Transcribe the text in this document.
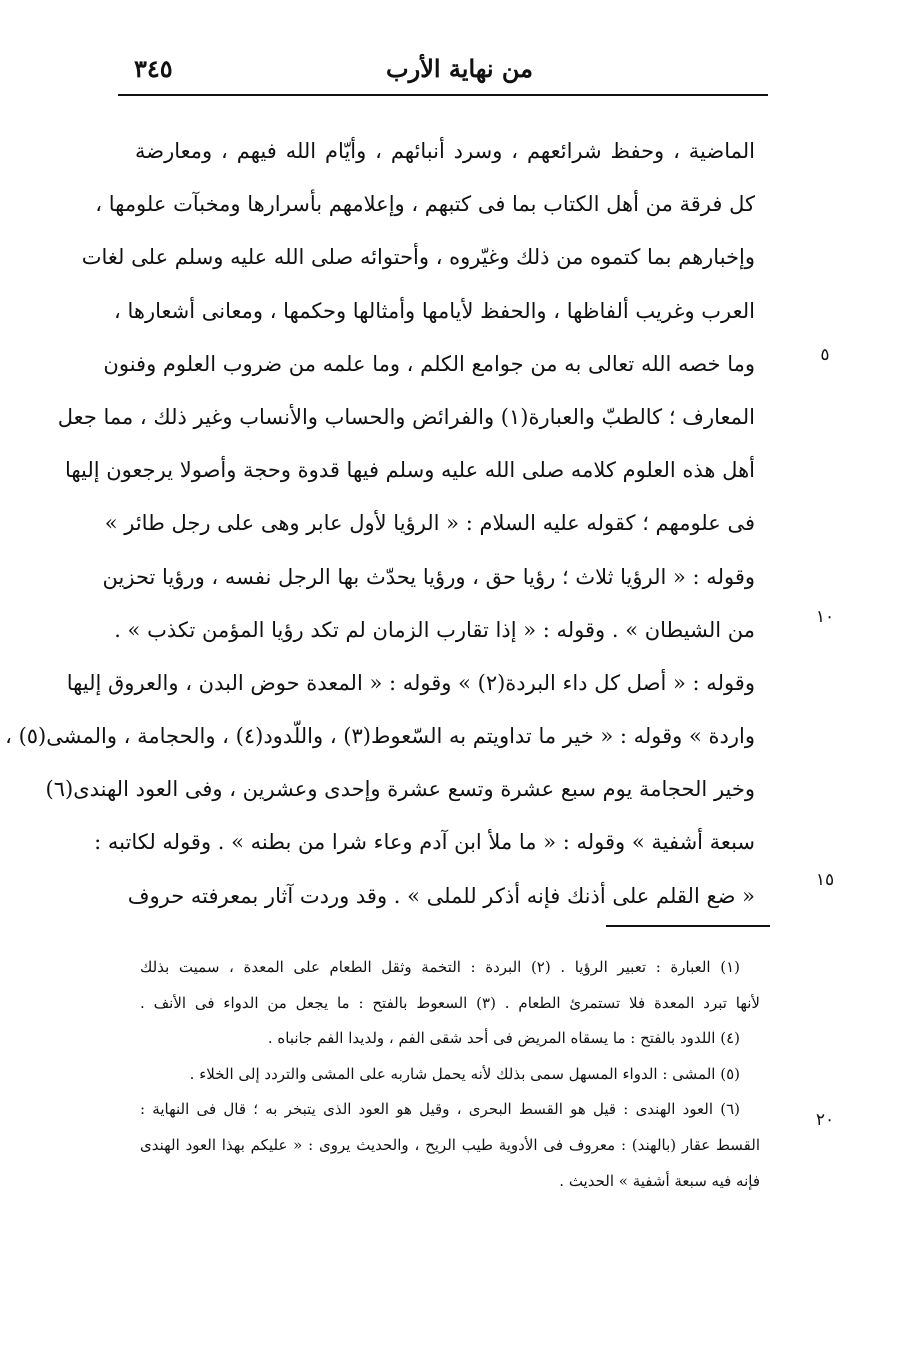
من نهاية الأرب
٣٤٥
الماضية ، وحفظ شرائعهم ، وسرد أنبائهم ، وأيّام الله فيهم ، ومعارضة
كل فرقة من أهل الكتاب بما فى كتبهم ، وإعلامهم بأسرارها ومخبآت علومها ،
وإخبارهم بما كتموه من ذلك وغيّروه ، وأحتوائه صلى الله عليه وسلم على لغات
العرب وغريب ألفاظها ، والحفظ لأيامها وأمثالها وحكمها ، ومعانى أشعارها ،
وما خصه الله تعالى به من جوامع الكلم ، وما علمه من ضروب العلوم وفنون
المعارف ؛ كالطبّ والعبارة(١) والفرائض والحساب والأنساب وغير ذلك ، مما جعل
أهل هذه العلوم كلامه صلى الله عليه وسلم فيها قدوة وحجة وأصولا يرجعون إليها
فى علومهم ؛ كقوله عليه السلام : « الرؤيا لأول عابر وهى على رجل طائر »
وقوله : « الرؤيا ثلاث ؛ رؤيا حق ، ورؤيا يحدّث بها الرجل نفسه ، ورؤيا تحزين
من الشيطان » . وقوله : « إذا تقارب الزمان لم تكد رؤيا المؤمن تكذب » .
وقوله : « أصل كل داء البردة(٢) » وقوله : « المعدة حوض البدن ، والعروق إليها
واردة » وقوله : « خير ما تداويتم به السّعوط(٣) ، واللّدود(٤) ، والحجامة ، والمشى(٥) ،
وخير الحجامة يوم سبع عشرة وتسع عشرة وإحدى وعشرين ، وفى العود الهندى(٦)
سبعة أشفية » وقوله : « ما ملأ ابن آدم وعاء شرا من بطنه » . وقوله لكاتبه :
« ضع القلم على أذنك فإنه أذكر للملى » . وقد وردت آثار بمعرفته حروف
٥
١٠
١٥
٢٠
(١) العبارة : تعبير الرؤيا . (٢) البردة : التخمة وثقل الطعام على المعدة ، سميت بذلك
لأنها تبرد المعدة فلا تستمرئ الطعام . (٣) السعوط بالفتح : ما يجعل من الدواء فى الأنف .
(٤) اللدود بالفتح : ما يسقاه المريض فى أحد شقى الفم ، ولديدا الفم جانباه .
(٥) المشى : الدواء المسهل سمى بذلك لأنه يحمل شاربه على المشى والتردد إلى الخلاء .
(٦) العود الهندى : قيل هو القسط البحرى ، وقيل هو العود الذى يتبخر به ؛ قال فى النهاية :
القسط عقار (بالهند) : معروف فى الأدوية طيب الريح ، والحديث يروى : « عليكم بهذا العود الهندى
فإنه فيه سبعة أشفية » الحديث .
